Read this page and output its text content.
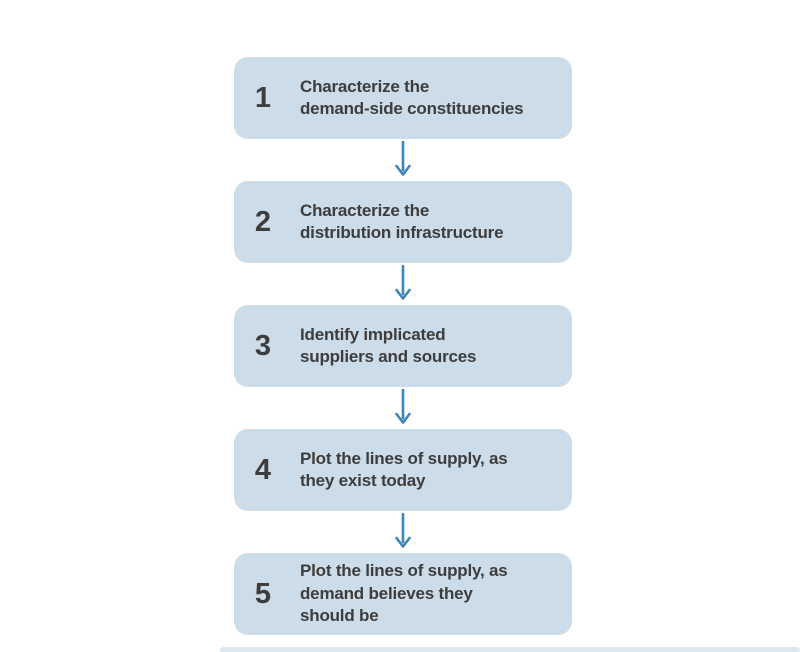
1	Characterize the
demand-side constituencies
2	Characterize the
distribution infrastructure
3	Identify implicated
suppliers and sources
4	Plot the lines of supply, as
they exist today
5
Plot the lines of supply, as
demand believes they
should be
